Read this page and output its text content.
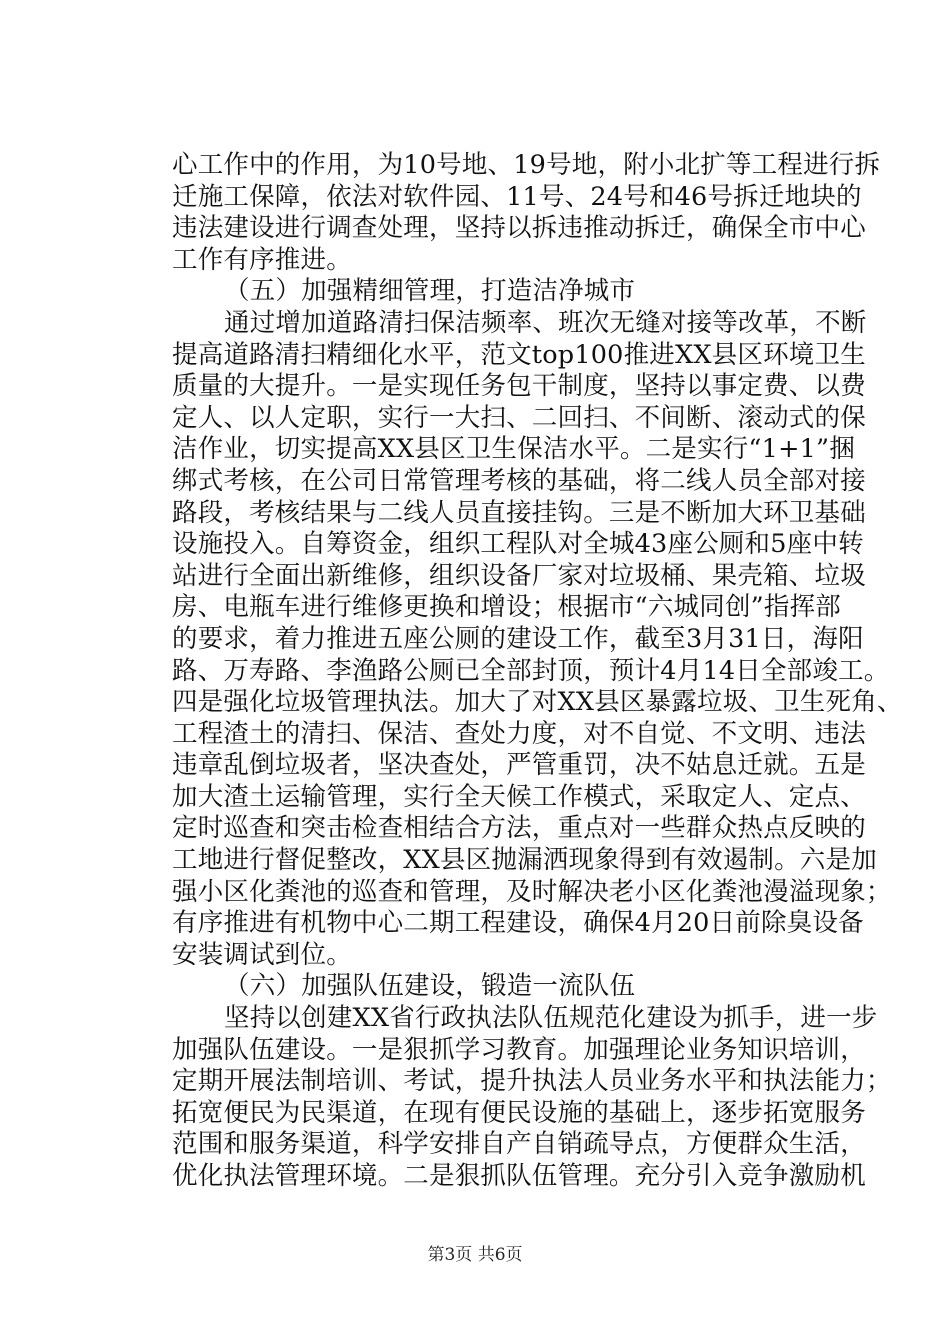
心工作中的作用，为10号地、19号地，附小北扩等工程进行拆
迁施工保障，依法对软件园、11号、24号和46号拆迁地块的
违法建设进行调查处理，坚持以拆违推动拆迁，确保全市中心
工作有序推进。
（五）加强精细管理，打造洁净城市
通过增加道路清扫保洁频率、班次无缝对接等改革，不断
提高道路清扫精细化水平，范文top100推进XX县区环境卫生
质量的大提升。一是实现任务包干制度，坚持以事定费、以费
定人、以人定职，实行一大扫、二回扫、不间断、滚动式的保
洁作业，切实提高XX县区卫生保洁水平。二是实行“1+1”捆
绑式考核，在公司日常管理考核的基础，将二线人员全部对接
路段，考核结果与二线人员直接挂钩。三是不断加大环卫基础
设施投入。自筹资金，组织工程队对全城43座公厕和5座中转
站进行全面出新维修，组织设备厂家对垃圾桶、果壳箱、垃圾
房、电瓶车进行维修更换和增设；根据市“六城同创”指挥部
的要求，着力推进五座公厕的建设工作，截至3月31日，海阳
路、万寿路、李渔路公厕已全部封顶，预计4月14日全部竣工。
四是强化垃圾管理执法。加大了对XX县区暴露垃圾、卫生死角、
工程渣土的清扫、保洁、查处力度，对不自觉、不文明、违法
违章乱倒垃圾者，坚决查处，严管重罚，决不姑息迁就。五是
加大渣土运输管理，实行全天候工作模式，采取定人、定点、
定时巡查和突击检查相结合方法，重点对一些群众热点反映的
工地进行督促整改，XX县区抛漏洒现象得到有效遏制。六是加
强小区化粪池的巡查和管理，及时解决老小区化粪池漫溢现象；
有序推进有机物中心二期工程建设，确保4月20日前除臭设备
安装调试到位。
（六）加强队伍建设，锻造一流队伍
坚持以创建XX省行政执法队伍规范化建设为抓手，进一步
加强队伍建设。一是狠抓学习教育。加强理论业务知识培训，
定期开展法制培训、考试，提升执法人员业务水平和执法能力；
拓宽便民为民渠道，在现有便民设施的基础上，逐步拓宽服务
范围和服务渠道，科学安排自产自销疏导点，方便群众生活，
优化执法管理环境。二是狠抓队伍管理。充分引入竞争激励机
第3页 共6页
